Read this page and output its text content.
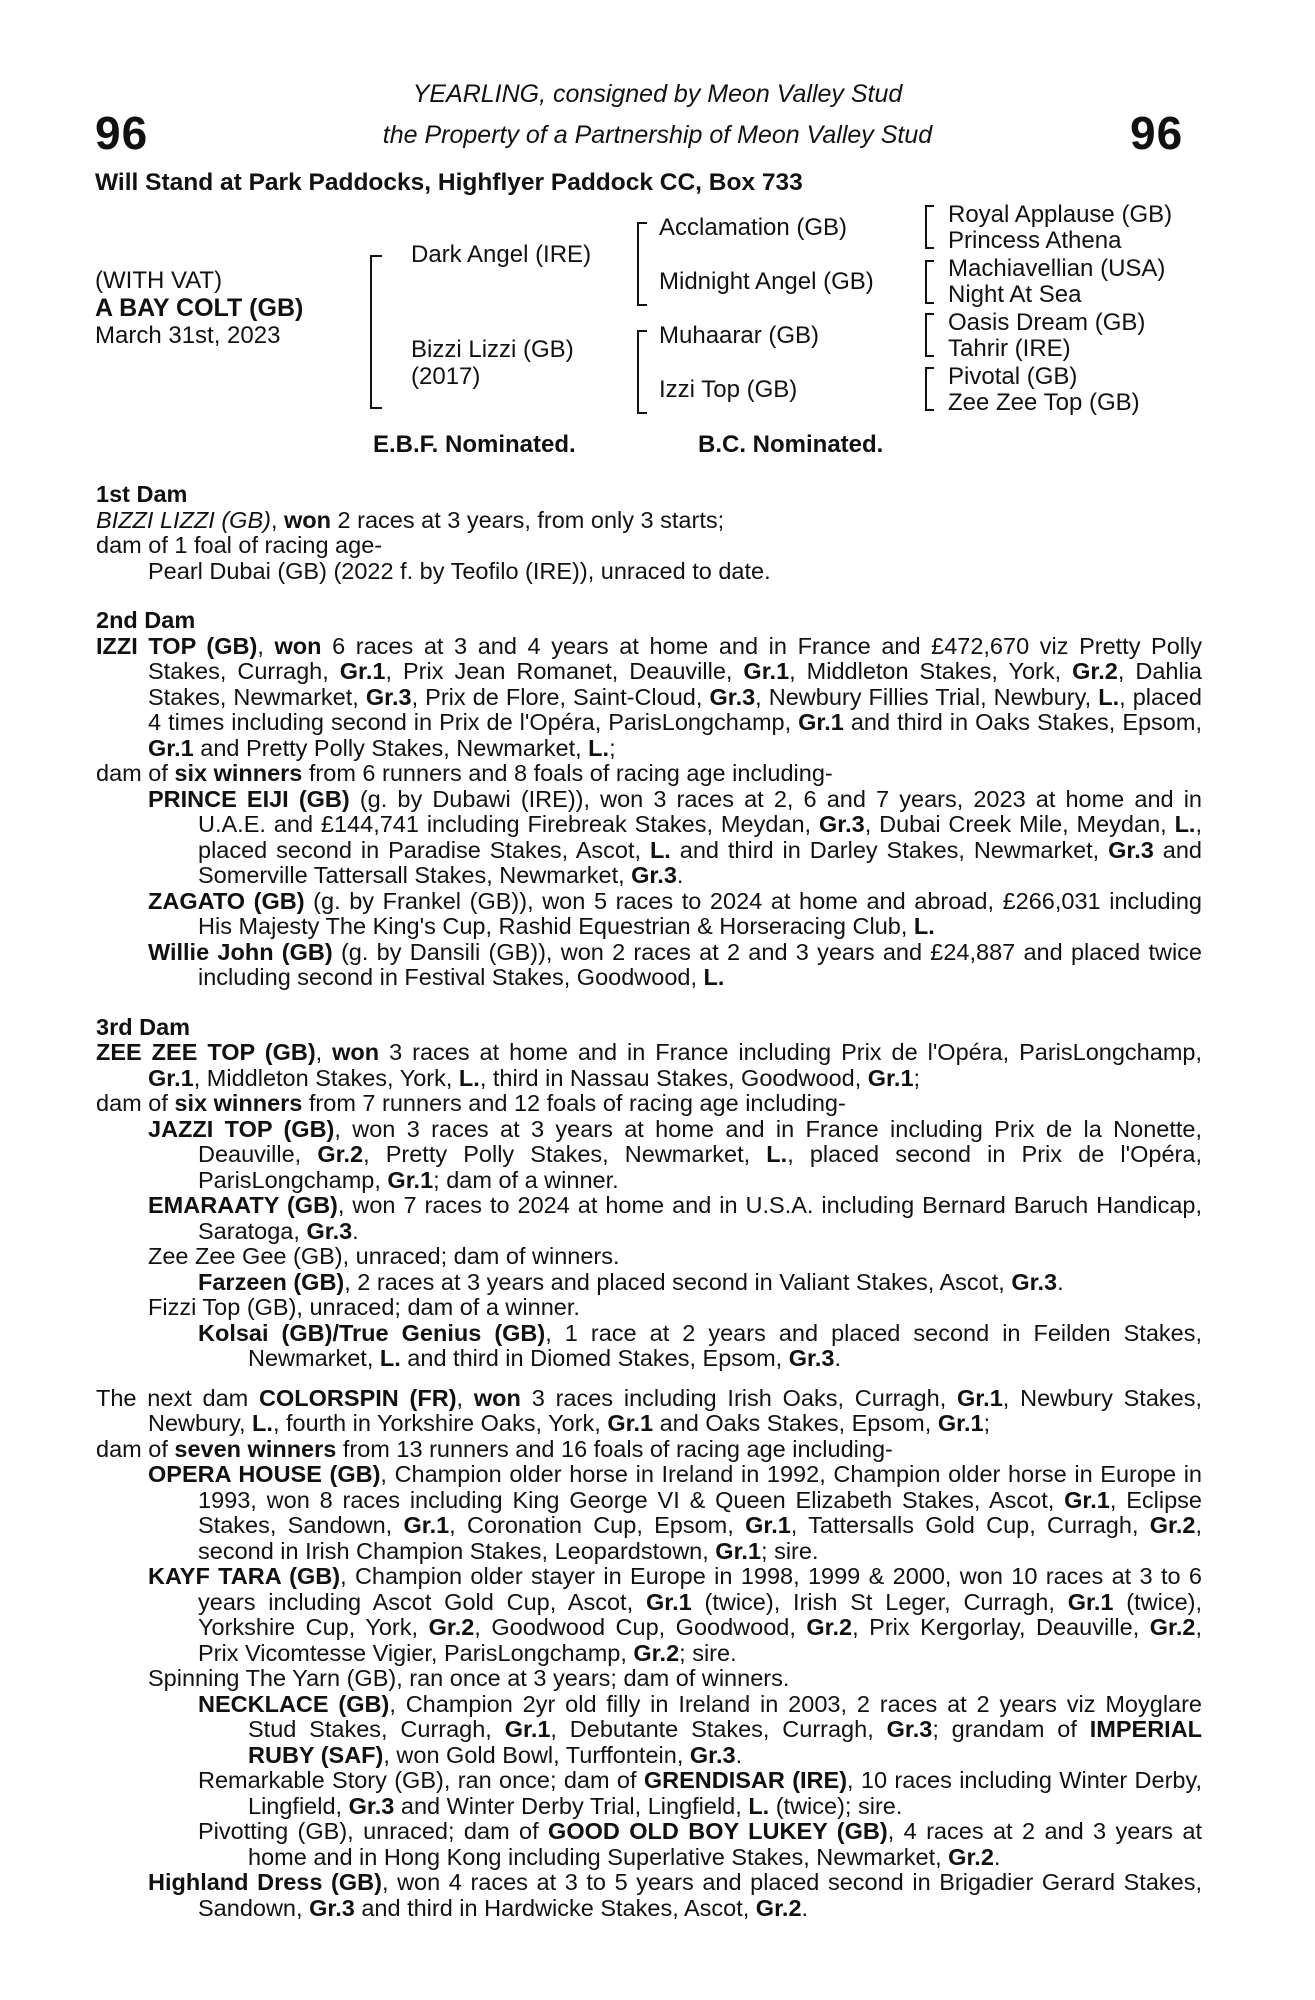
96	96
YEARLING, consigned by Meon Valley Stud
the Property of a Partnership of Meon Valley Stud
Will Stand at Park Paddocks, Highflyer Paddock CC, Box 733
(WITH VAT)
A BAY COLT (GB)
March 31st, 2023
Dark Angel (IRE)
Bizzi Lizzi (GB)
(2017)
Acclamation (GB)
Midnight Angel (GB)
Muhaarar (GB)
Izzi Top (GB)
Royal Applause (GB)
Princess Athena
Machiavellian (USA)
Night At Sea
Oasis Dream (GB)
Tahrir (IRE)
Pivotal (GB)
Zee Zee Top (GB)
E.B.F. Nominated.	B.C. Nominated.
1st Dam

BIZZI LIZZI (GB), won 2 races at 3 years, from only 3 starts;

dam of 1 foal of racing age-

Pearl Dubai (GB) (2022 f. by Teofilo (IRE)), unraced to date.

2nd Dam

IZZI TOP (GB), won 6 races at 3 and 4 years at home and in France and £472,670 viz Pretty Polly Stakes, Curragh, Gr.1, Prix Jean Romanet, Deauville, Gr.1, Middleton Stakes, York, Gr.2, Dahlia Stakes, Newmarket, Gr.3, Prix de Flore, Saint-Cloud, Gr.3, Newbury Fillies Trial, Newbury, L., placed 4 times including second in Prix de l'Opéra, ParisLongchamp, Gr.1 and third in Oaks Stakes, Epsom, Gr.1 and Pretty Polly Stakes, Newmarket, L.;

dam of six winners from 6 runners and 8 foals of racing age including-

PRINCE EIJI (GB) (g. by Dubawi (IRE)), won 3 races at 2, 6 and 7 years, 2023 at home and in U.A.E. and £144,741 including Firebreak Stakes, Meydan, Gr.3, Dubai Creek Mile, Meydan, L., placed second in Paradise Stakes, Ascot, L. and third in Darley Stakes, Newmarket, Gr.3 and Somerville Tattersall Stakes, Newmarket, Gr.3.

ZAGATO (GB) (g. by Frankel (GB)), won 5 races to 2024 at home and abroad, £266,031 including His Majesty The King's Cup, Rashid Equestrian & Horseracing Club, L.

Willie John (GB) (g. by Dansili (GB)), won 2 races at 2 and 3 years and £24,887 and placed twice including second in Festival Stakes, Goodwood, L.

3rd Dam

ZEE ZEE TOP (GB), won 3 races at home and in France including Prix de l'Opéra, ParisLongchamp, Gr.1, Middleton Stakes, York, L., third in Nassau Stakes, Goodwood, Gr.1;

dam of six winners from 7 runners and 12 foals of racing age including-

JAZZI TOP (GB), won 3 races at 3 years at home and in France including Prix de la Nonette, Deauville, Gr.2, Pretty Polly Stakes, Newmarket, L., placed second in Prix de l'Opéra, ParisLongchamp, Gr.1; dam of a winner.

EMARAATY (GB), won 7 races to 2024 at home and in U.S.A. including Bernard Baruch Handicap, Saratoga, Gr.3.

Zee Zee Gee (GB), unraced; dam of winners.

Farzeen (GB), 2 races at 3 years and placed second in Valiant Stakes, Ascot, Gr.3.

Fizzi Top (GB), unraced; dam of a winner.

Kolsai (GB)/True Genius (GB), 1 race at 2 years and placed second in Feilden Stakes, Newmarket, L. and third in Diomed Stakes, Epsom, Gr.3.

The next dam COLORSPIN (FR), won 3 races including Irish Oaks, Curragh, Gr.1, Newbury Stakes, Newbury, L., fourth in Yorkshire Oaks, York, Gr.1 and Oaks Stakes, Epsom, Gr.1;

dam of seven winners from 13 runners and 16 foals of racing age including-

OPERA HOUSE (GB), Champion older horse in Ireland in 1992, Champion older horse in Europe in 1993, won 8 races including King George VI & Queen Elizabeth Stakes, Ascot, Gr.1, Eclipse Stakes, Sandown, Gr.1, Coronation Cup, Epsom, Gr.1, Tattersalls Gold Cup, Curragh, Gr.2, second in Irish Champion Stakes, Leopardstown, Gr.1; sire.

KAYF TARA (GB), Champion older stayer in Europe in 1998, 1999 & 2000, won 10 races at 3 to 6 years including Ascot Gold Cup, Ascot, Gr.1 (twice), Irish St Leger, Curragh, Gr.1 (twice), Yorkshire Cup, York, Gr.2, Goodwood Cup, Goodwood, Gr.2, Prix Kergorlay, Deauville, Gr.2, Prix Vicomtesse Vigier, ParisLongchamp, Gr.2; sire.

Spinning The Yarn (GB), ran once at 3 years; dam of winners.

NECKLACE (GB), Champion 2yr old filly in Ireland in 2003, 2 races at 2 years viz Moyglare Stud Stakes, Curragh, Gr.1, Debutante Stakes, Curragh, Gr.3; grandam of IMPERIAL RUBY (SAF), won Gold Bowl, Turffontein, Gr.3.

Remarkable Story (GB), ran once; dam of GRENDISAR (IRE), 10 races including Winter Derby, Lingfield, Gr.3 and Winter Derby Trial, Lingfield, L. (twice); sire.

Pivotting (GB), unraced; dam of GOOD OLD BOY LUKEY (GB), 4 races at 2 and 3 years at home and in Hong Kong including Superlative Stakes, Newmarket, Gr.2.

Highland Dress (GB), won 4 races at 3 to 5 years and placed second in Brigadier Gerard Stakes, Sandown, Gr.3 and third in Hardwicke Stakes, Ascot, Gr.2.
